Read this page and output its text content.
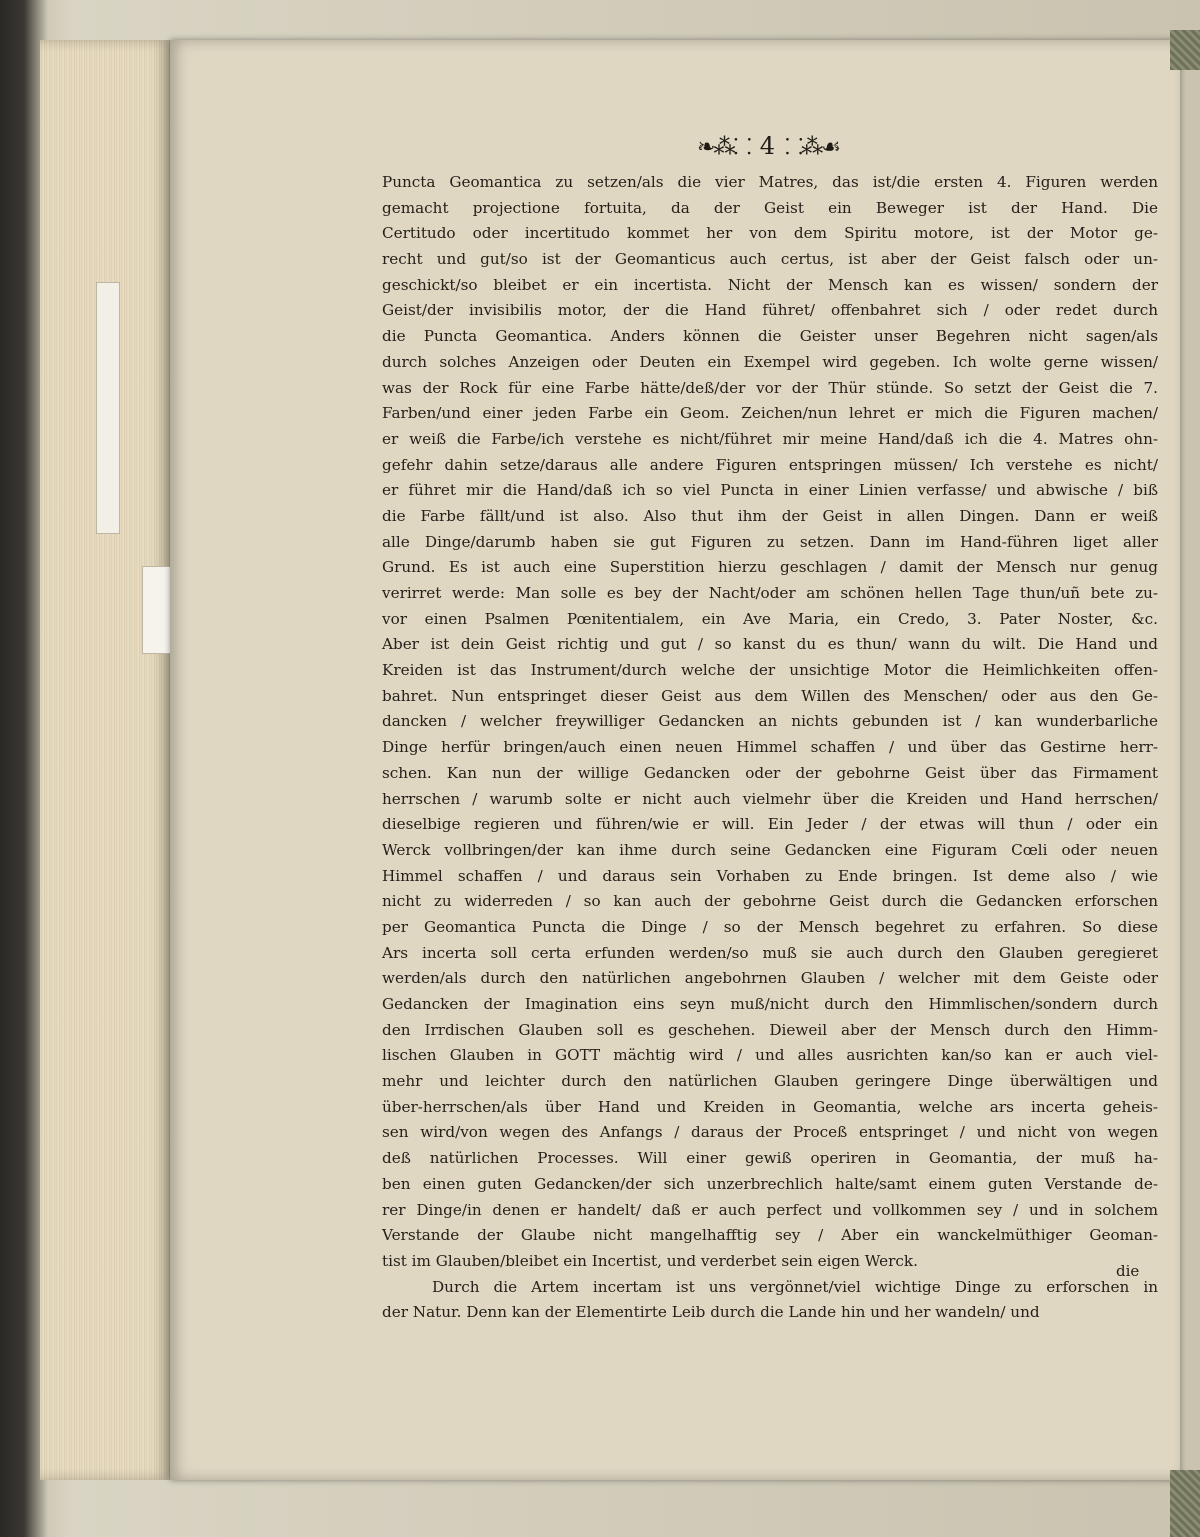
❧⁂⸬ 4 ⸬⁂☙
Puncta Geomantica zu setzen/als die vier Matres, das ist/die ersten 4. Figuren werden
gemacht projectione fortuita, da der Geist ein Beweger ist der Hand. Die
Certitudo oder incertitudo kommet her von dem Spiritu motore, ist der Motor ge-
recht und gut/so ist der Geomanticus auch certus, ist aber der Geist falsch oder un-
geschickt/so bleibet er ein incertista. Nicht der Mensch kan es wissen/ sondern der
Geist/der invisibilis motor, der die Hand führet/ offenbahret sich / oder redet durch
die Puncta Geomantica. Anders können die Geister unser Begehren nicht sagen/als
durch solches Anzeigen oder Deuten ein Exempel wird gegeben. Ich wolte gerne wissen/
was der Rock für eine Farbe hätte/deß/der vor der Thür stünde. So setzt der Geist die 7.
Farben/und einer jeden Farbe ein Geom. Zeichen/nun lehret er mich die Figuren machen/
er weiß die Farbe/ich verstehe es nicht/führet mir meine Hand/daß ich die 4. Matres ohn-
gefehr dahin setze/daraus alle andere Figuren entspringen müssen/ Ich verstehe es nicht/
er führet mir die Hand/daß ich so viel Puncta in einer Linien verfasse/ und abwische / biß
die Farbe fällt/und ist also. Also thut ihm der Geist in allen Dingen. Dann er weiß
alle Dinge/darumb haben sie gut Figuren zu setzen. Dann im Hand-führen liget aller
Grund. Es ist auch eine Superstition hierzu geschlagen / damit der Mensch nur genug
verirret werde: Man solle es bey der Nacht/oder am schönen hellen Tage thun/uñ bete zu-
vor einen Psalmen Pœnitentialem, ein Ave Maria, ein Credo, 3. Pater Noster, &c.
Aber ist dein Geist richtig und gut / so kanst du es thun/ wann du wilt. Die Hand und
Kreiden ist das Instrument/durch welche der unsichtige Motor die Heimlichkeiten offen-
bahret. Nun entspringet dieser Geist aus dem Willen des Menschen/ oder aus den Ge-
dancken / welcher freywilliger Gedancken an nichts gebunden ist / kan wunderbarliche
Dinge herfür bringen/auch einen neuen Himmel schaffen / und über das Gestirne herr-
schen. Kan nun der willige Gedancken oder der gebohrne Geist über das Firmament
herrschen / warumb solte er nicht auch vielmehr über die Kreiden und Hand herrschen/
dieselbige regieren und führen/wie er will. Ein Jeder / der etwas will thun / oder ein
Werck vollbringen/der kan ihme durch seine Gedancken eine Figuram Cœli oder neuen
Himmel schaffen / und daraus sein Vorhaben zu Ende bringen. Ist deme also / wie
nicht zu widerreden / so kan auch der gebohrne Geist durch die Gedancken erforschen
per Geomantica Puncta die Dinge / so der Mensch begehret zu erfahren. So diese
Ars incerta soll certa erfunden werden/so muß sie auch durch den Glauben geregieret
werden/als durch den natürlichen angebohrnen Glauben / welcher mit dem Geiste oder
Gedancken der Imagination eins seyn muß/nicht durch den Himmlischen/sondern durch
den Irrdischen Glauben soll es geschehen. Dieweil aber der Mensch durch den Himm-
lischen Glauben in GOTT mächtig wird / und alles ausrichten kan/so kan er auch viel-
mehr und leichter durch den natürlichen Glauben geringere Dinge überwältigen und
über-herrschen/als über Hand und Kreiden in Geomantia, welche ars incerta geheis-
sen wird/von wegen des Anfangs / daraus der Proceß entspringet / und nicht von wegen
deß natürlichen Processes. Will einer gewiß operiren in Geomantia, der muß ha-
ben einen guten Gedancken/der sich unzerbrechlich halte/samt einem guten Verstande de-
rer Dinge/in denen er handelt/ daß er auch perfect und vollkommen sey / und in solchem
Verstande der Glaube nicht mangelhafftig sey / Aber ein wanckelmüthiger Geoman-
tist im Glauben/bleibet ein Incertist, und verderbet sein eigen Werck.
Durch die Artem incertam ist uns vergönnet/viel wichtige Dinge zu erforschen in
der Natur. Denn kan der Elementirte Leib durch die Lande hin und her wandeln/ und
die
